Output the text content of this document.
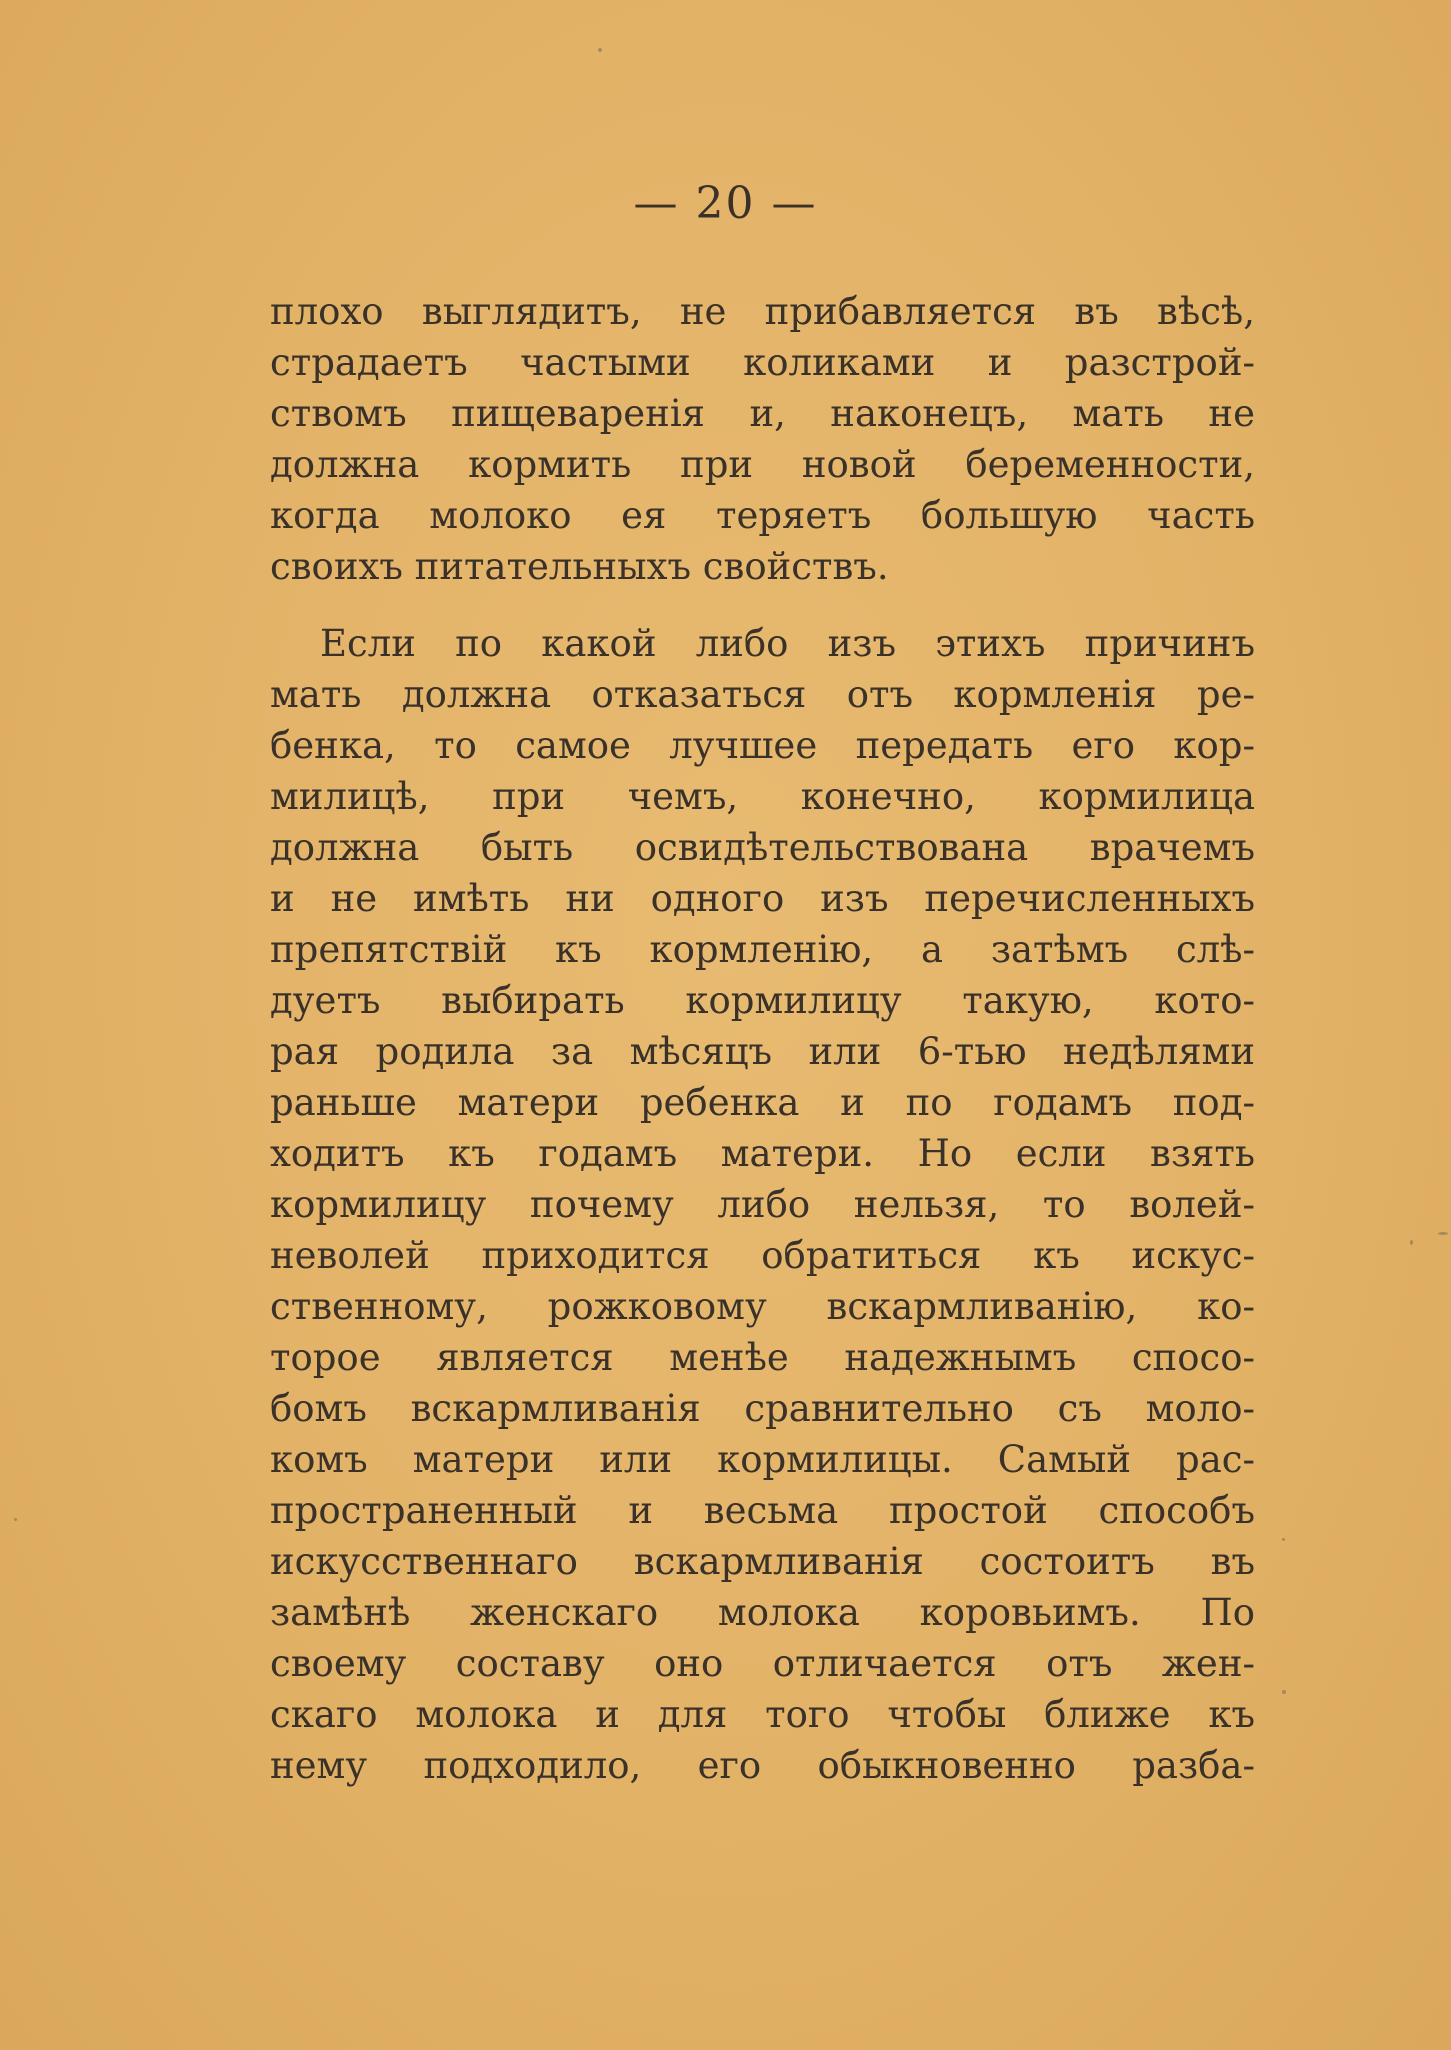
— 20 —
плохо выглядитъ, не прибавляется въ вѣсѣ,
страдаетъ частыми коликами и разстрой-
ствомъ пищеваренія и, наконецъ, мать не
должна кормить при новой беременности,
когда молоко ея теряетъ большую часть
своихъ питательныхъ свойствъ.
Если по какой либо изъ этихъ причинъ
мать должна отказаться отъ кормленія ре-
бенка, то самое лучшее передать его кор-
милицѣ, при чемъ, конечно, кормилица
должна быть освидѣтельствована врачемъ
и не имѣть ни одного изъ перечисленныхъ
препятствій къ кормленію, а затѣмъ слѣ-
дуетъ выбирать кормилицу такую, кото-
рая родила за мѣсяцъ или 6-тью недѣлями
раньше матери ребенка и по годамъ под-
ходитъ къ годамъ матери. Но если взять
кормилицу почему либо нельзя, то волей-
неволей приходится обратиться къ искус-
ственному, рожковому вскармливанію, ко-
торое является менѣе надежнымъ спосо-
бомъ вскармливанія сравнительно съ моло-
комъ матери или кормилицы. Самый рас-
пространенный и весьма простой способъ
искусственнаго вскармливанія состоитъ въ
замѣнѣ женскаго молока коровьимъ. По
своему составу оно отличается отъ жен-
скаго молока и для того чтобы ближе къ
нему подходило, его обыкновенно разба-
